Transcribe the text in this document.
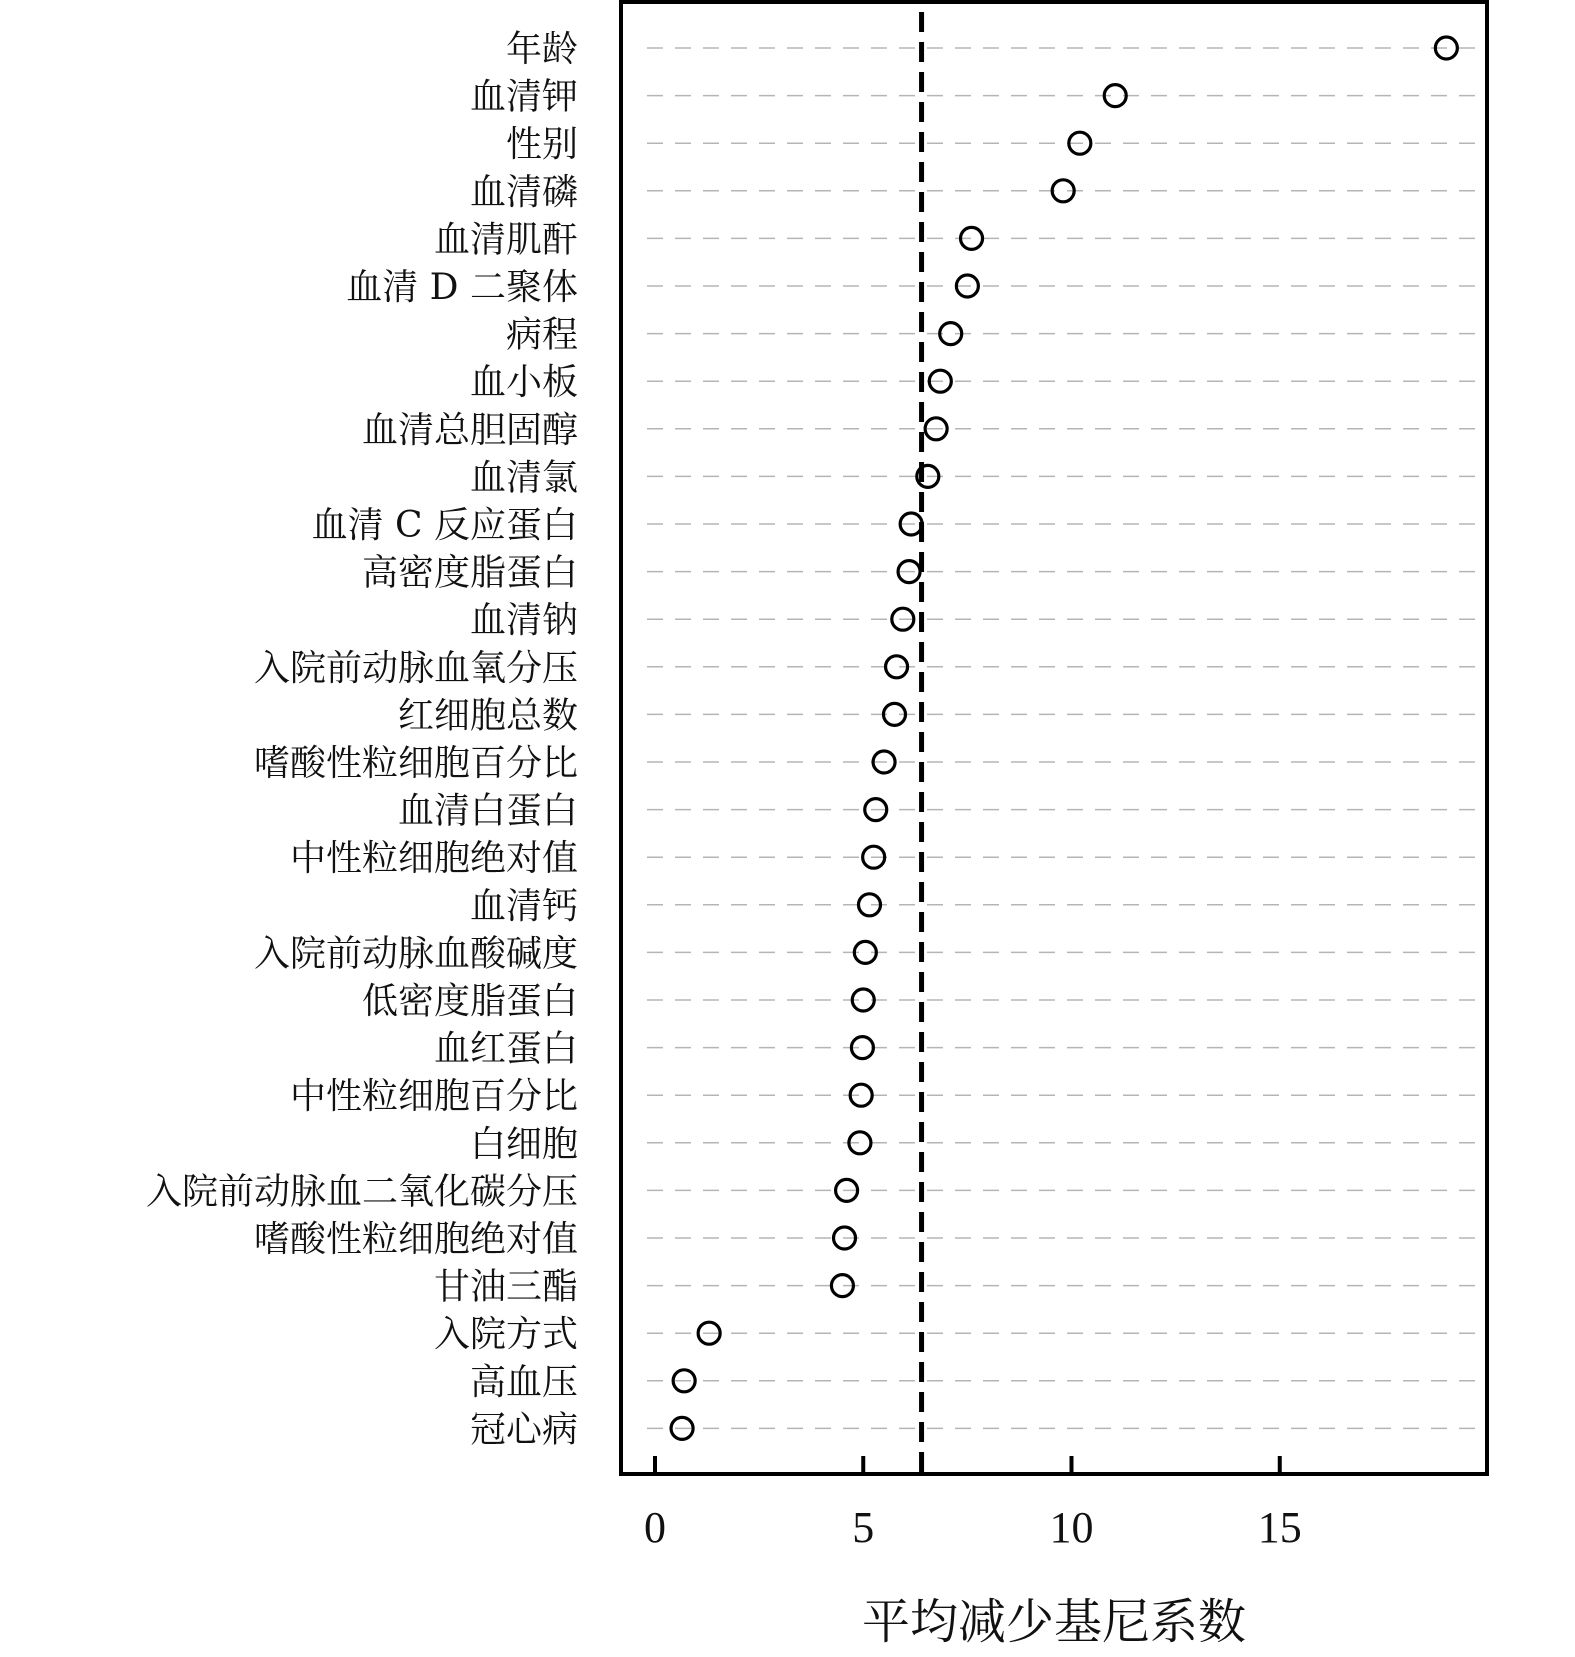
年龄
血清钾
性别
血清磷
血清肌酐
血清 D 二聚体
病程
血小板
血清总胆固醇
血清氯
血清 C 反应蛋白
高密度脂蛋白
血清钠
入院前动脉血氧分压
红细胞总数
嗜酸性粒细胞百分比
血清白蛋白
中性粒细胞绝对值
血清钙
入院前动脉血酸碱度
低密度脂蛋白
血红蛋白
中性粒细胞百分比
白细胞
入院前动脉血二氧化碳分压
嗜酸性粒细胞绝对值
甘油三酯
入院方式
高血压
冠心病
0	5	10	15
平均减少基尼系数
